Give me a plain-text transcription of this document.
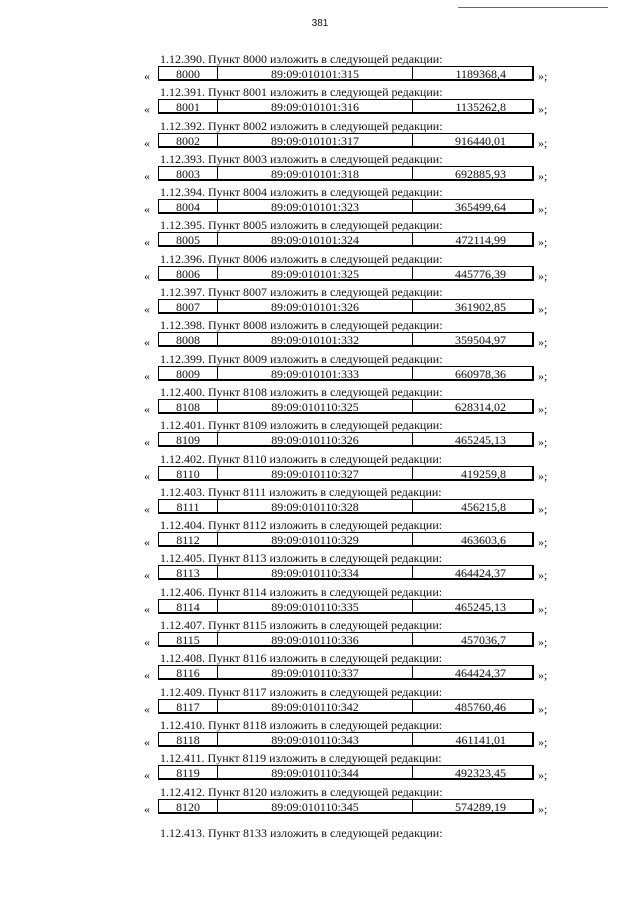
381
1.12.390. Пункт 8000 изложить в следующей редакции:
«	8000	89:09:010101:315	1189368,4	»;
1.12.391. Пункт 8001 изложить в следующей редакции:
«	8001	89:09:010101:316	1135262,8	»;
1.12.392. Пункт 8002 изложить в следующей редакции:
«	8002	89:09:010101:317	916440,01	»;
1.12.393. Пункт 8003 изложить в следующей редакции:
«	8003	89:09:010101:318	692885,93	»;
1.12.394. Пункт 8004 изложить в следующей редакции:
«	8004	89:09:010101:323	365499,64	»;
1.12.395. Пункт 8005 изложить в следующей редакции:
«	8005	89:09:010101:324	472114,99	»;
1.12.396. Пункт 8006 изложить в следующей редакции:
«	8006	89:09:010101:325	445776,39	»;
1.12.397. Пункт 8007 изложить в следующей редакции:
«	8007	89:09:010101:326	361902,85	»;
1.12.398. Пункт 8008 изложить в следующей редакции:
«	8008	89:09:010101:332	359504,97	»;
1.12.399. Пункт 8009 изложить в следующей редакции:
«	8009	89:09:010101:333	660978,36	»;
1.12.400. Пункт 8108 изложить в следующей редакции:
«	8108	89:09:010110:325	628314,02	»;
1.12.401. Пункт 8109 изложить в следующей редакции:
«	8109	89:09:010110:326	465245,13	»;
1.12.402. Пункт 8110 изложить в следующей редакции:
«	8110	89:09:010110:327	419259,8	»;
1.12.403. Пункт 8111 изложить в следующей редакции:
«	8111	89:09:010110:328	456215,8	»;
1.12.404. Пункт 8112 изложить в следующей редакции:
«	8112	89:09:010110:329	463603,6	»;
1.12.405. Пункт 8113 изложить в следующей редакции:
«	8113	89:09:010110:334	464424,37	»;
1.12.406. Пункт 8114 изложить в следующей редакции:
«	8114	89:09:010110:335	465245,13	»;
1.12.407. Пункт 8115 изложить в следующей редакции:
«	8115	89:09:010110:336	457036,7	»;
1.12.408. Пункт 8116 изложить в следующей редакции:
«	8116	89:09:010110:337	464424,37	»;
1.12.409. Пункт 8117 изложить в следующей редакции:
«	8117	89:09:010110:342	485760,46	»;
1.12.410. Пункт 8118 изложить в следующей редакции:
«	8118	89:09:010110:343	461141,01	»;
1.12.411. Пункт 8119 изложить в следующей редакции:
«	8119	89:09:010110:344	492323,45	»;
1.12.412. Пункт 8120 изложить в следующей редакции:
«	8120	89:09:010110:345	574289,19	»;
1.12.413. Пункт 8133 изложить в следующей редакции:
